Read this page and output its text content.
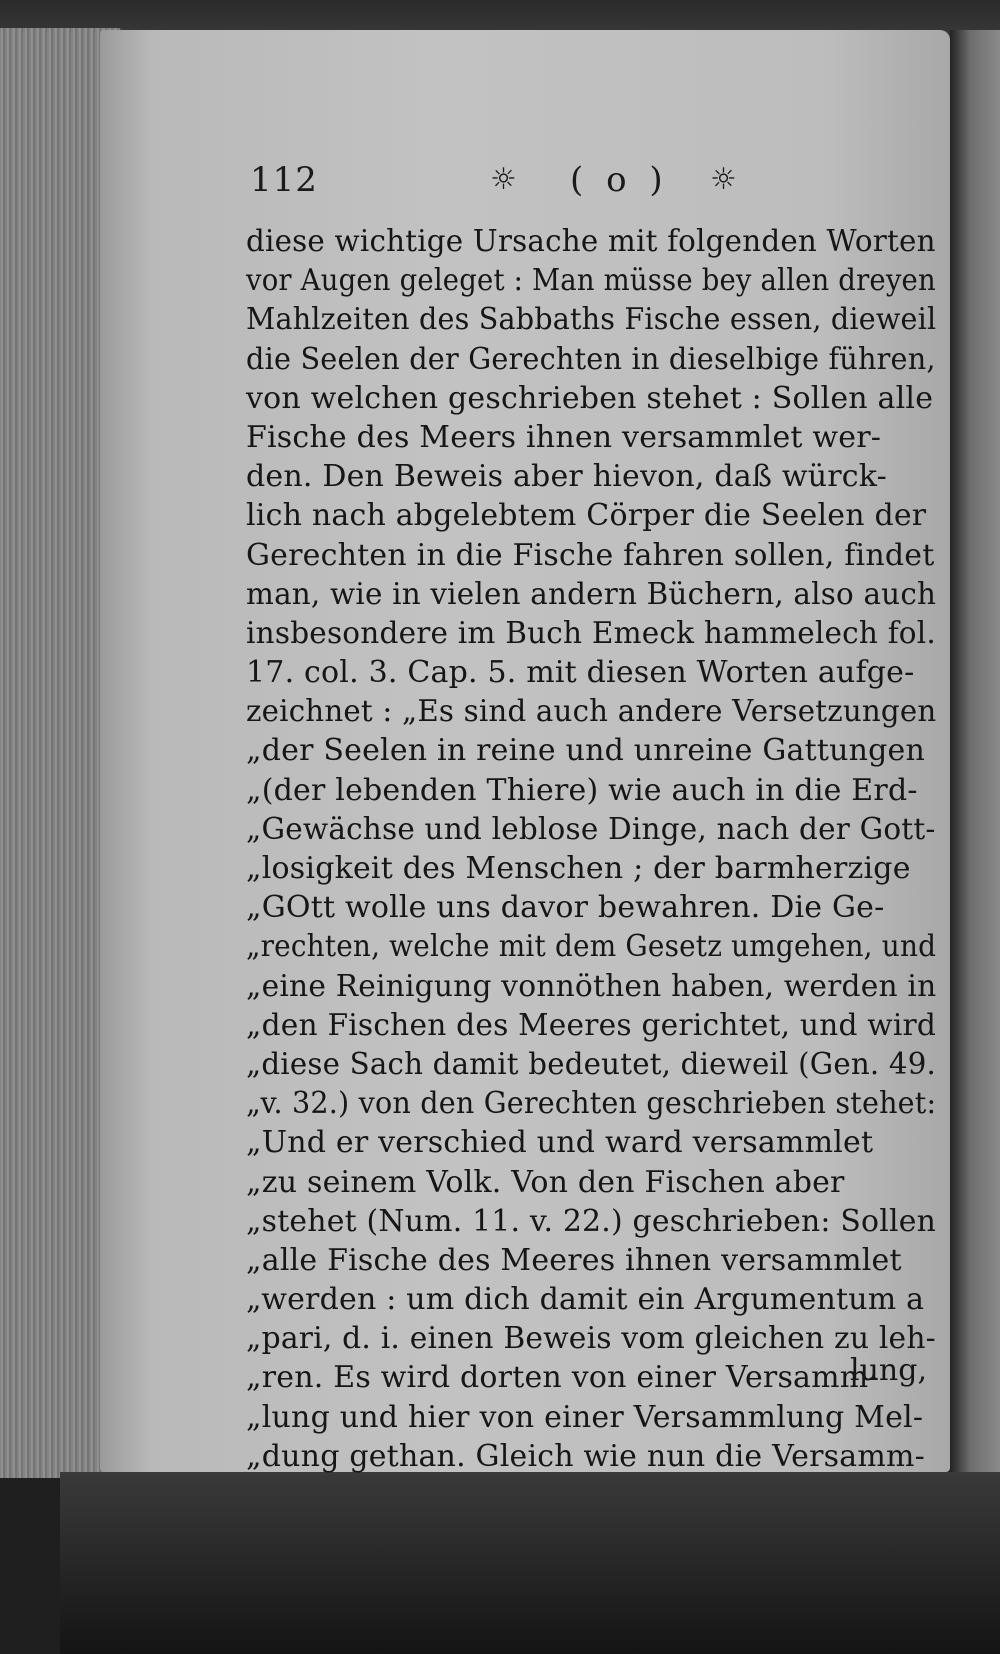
112	☼ ( o ) ☼
diese wichtige Ursache mit folgenden Worten
vor Augen geleget : Man müsse bey allen dreyen
Mahlzeiten des Sabbaths Fische essen, dieweil
die Seelen der Gerechten in dieselbige führen,
von welchen geschrieben stehet : Sollen alle
Fische des Meers ihnen versammlet wer-
den. Den Beweis aber hievon, daß würck-
lich nach abgelebtem Cörper die Seelen der
Gerechten in die Fische fahren sollen, findet
man, wie in vielen andern Büchern, also auch
insbesondere im Buch Emeck hammelech fol.
17. col. 3. Cap. 5. mit diesen Worten aufge-
zeichnet : „Es sind auch andere Versetzungen
„der Seelen in reine und unreine Gattungen
„(der lebenden Thiere) wie auch in die Erd-
„Gewächse und leblose Dinge, nach der Gott-
„losigkeit des Menschen ; der barmherzige
„GOtt wolle uns davor bewahren. Die Ge-
„rechten, welche mit dem Gesetz umgehen, und
„eine Reinigung vonnöthen haben, werden in
„den Fischen des Meeres gerichtet, und wird
„diese Sach damit bedeutet, dieweil (Gen. 49.
„v. 32.) von den Gerechten geschrieben stehet:
„Und er verschied und ward versammlet
„zu seinem Volk. Von den Fischen aber
„stehet (Num. 11. v. 22.) geschrieben: Sollen
„alle Fische des Meeres ihnen versammlet
„werden : um dich damit ein Argumentum a
„pari, d. i. einen Beweis vom gleichen zu leh-
„ren. Es wird dorten von einer Versamm-
„lung und hier von einer Versammlung Mel-
„dung gethan. Gleich wie nun die Versamm-
lung,
